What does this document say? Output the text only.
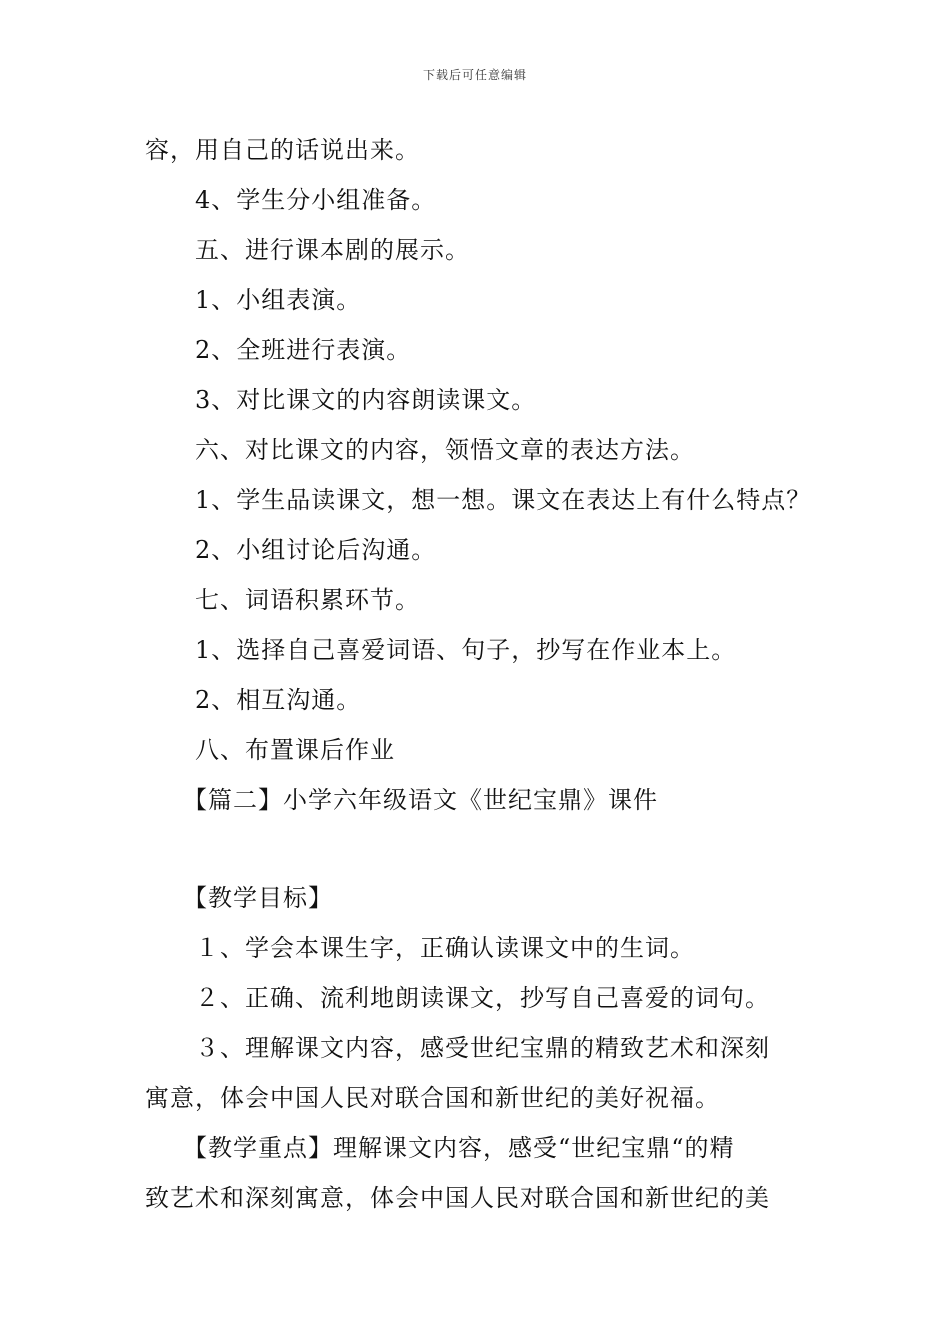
下载后可任意编辑
容，用自己的话说出来。
4、学生分小组准备。
五、进行课本剧的展示。
1、小组表演。
2、全班进行表演。
3、对比课文的内容朗读课文。
六、对比课文的内容，领悟文章的表达方法。
1、学生品读课文，想一想。课文在表达上有什么特点？
2、小组讨论后沟通。
七、词语积累环节。
1、选择自己喜爱词语、句子，抄写在作业本上。
2、相互沟通。
八、布置课后作业
【篇二】小学六年级语文《世纪宝鼎》课件
【教学目标】
１、学会本课生字，正确认读课文中的生词。
２、正确、流利地朗读课文，抄写自己喜爱的词句。
３、理解课文内容，感受世纪宝鼎的精致艺术和深刻
寓意，体会中国人民对联合国和新世纪的美好祝福。
【教学重点】理解课文内容，感受“世纪宝鼎“的精
致艺术和深刻寓意，体会中国人民对联合国和新世纪的美
